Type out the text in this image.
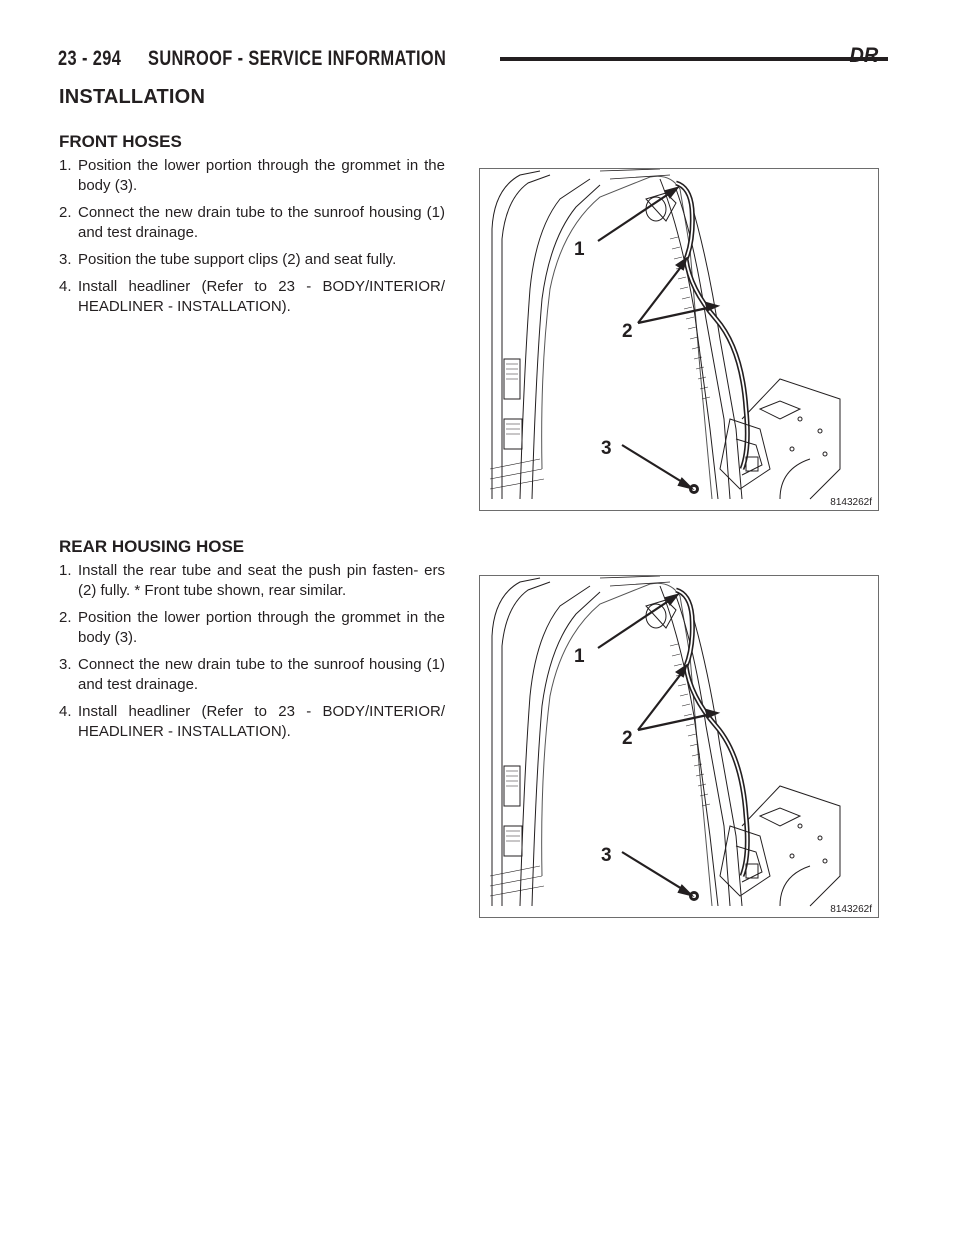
23 - 294	SUNROOF - SERVICE INFORMATION	DR
INSTALLATION
FRONT HOSES
1. Position the lower portion through the grommet in the body (3).
2. Connect the new drain tube to the sunroof housing (1) and test drainage.
3. Position the tube support clips (2) and seat fully.
4. Install headliner (Refer to 23 - BODY/INTERIOR/ HEADLINER - INSTALLATION).
1
2
3
8143262f
REAR HOUSING HOSE
1. Install the rear tube and seat the push pin fasten- ers (2) fully. * Front tube shown, rear similar.
2. Position the lower portion through the grommet in the body (3).
3. Connect the new drain tube to the sunroof housing (1) and test drainage.
4. Install headliner (Refer to 23 - BODY/INTERIOR/ HEADLINER - INSTALLATION).
1
2
3
8143262f
